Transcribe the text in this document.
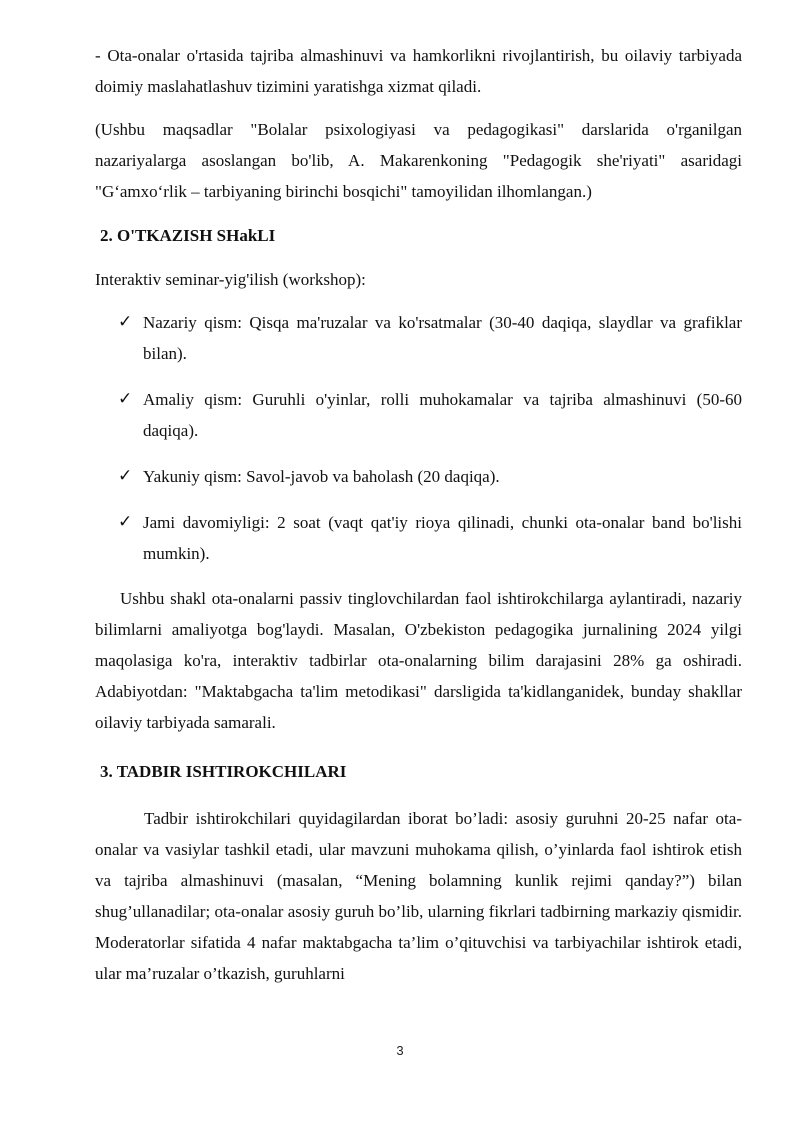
- Ota-onalar o'rtasida tajriba almashinuvi va hamkorlikni rivojlantirish, bu oilaviy tarbiyada doimiy maslahatlashuv tizimini yaratishga xizmat qiladi.

(Ushbu maqsadlar "Bolalar psixologiyasi va pedagogikasi" darslarida o'rganilgan nazariyalarga asoslangan bo'lib, A. Makarenkoning "Pedagogik she'riyati" asaridagi "G‘amxo‘rlik – tarbiyaning birinchi bosqichi" tamoyilidan ilhomlangan.)

2. O'TKAZISH SHakLI

Interaktiv seminar-yig'ilish (workshop):

✓ Nazariy qism: Qisqa ma'ruzalar va ko'rsatmalar (30-40 daqiqa, slaydlar va grafiklar bilan).
✓ Amaliy qism: Guruhli o'yinlar, rolli muhokamalar va tajriba almashinuvi (50-60 daqiqa).
✓ Yakuniy qism: Savol-javob va baholash (20 daqiqa).
✓ Jami davomiyligi: 2 soat (vaqt qat'iy rioya qilinadi, chunki ota-onalar band bo'lishi mumkin).

Ushbu shakl ota-onalarni passiv tinglovchilardan faol ishtirokchilarga aylantiradi, nazariy bilimlarni amaliyotga bog'laydi. Masalan, O'zbekiston pedagogika jurnalining 2024 yilgi maqolasiga ko'ra, interaktiv tadbirlar ota-onalarning bilim darajasini 28% ga oshiradi. Adabiyotdan: "Maktabgacha ta'lim metodikasi" darsligida ta'kidlanganidek, bunday shakllar oilaviy tarbiyada samarali.

3. TADBIR ISHTIROKCHILARI

Tadbir ishtirokchilari quyidagilardan iborat bo’ladi: asosiy guruhni 20-25 nafar ota-onalar va vasiylar tashkil etadi, ular mavzuni muhokama qilish, o’yinlarda faol ishtirok etish va tajriba almashinuvi (masalan, “Mening bolamning kunlik rejimi qanday?”) bilan shug’ullanadilar; ota-onalar asosiy guruh bo’lib, ularning fikrlari tadbirning markaziy qismidir. Moderatorlar sifatida 4 nafar maktabgacha ta’lim o’qituvchisi va tarbiyachilar ishtirok etadi, ular ma’ruzalar o’tkazish, guruhlarni

3
